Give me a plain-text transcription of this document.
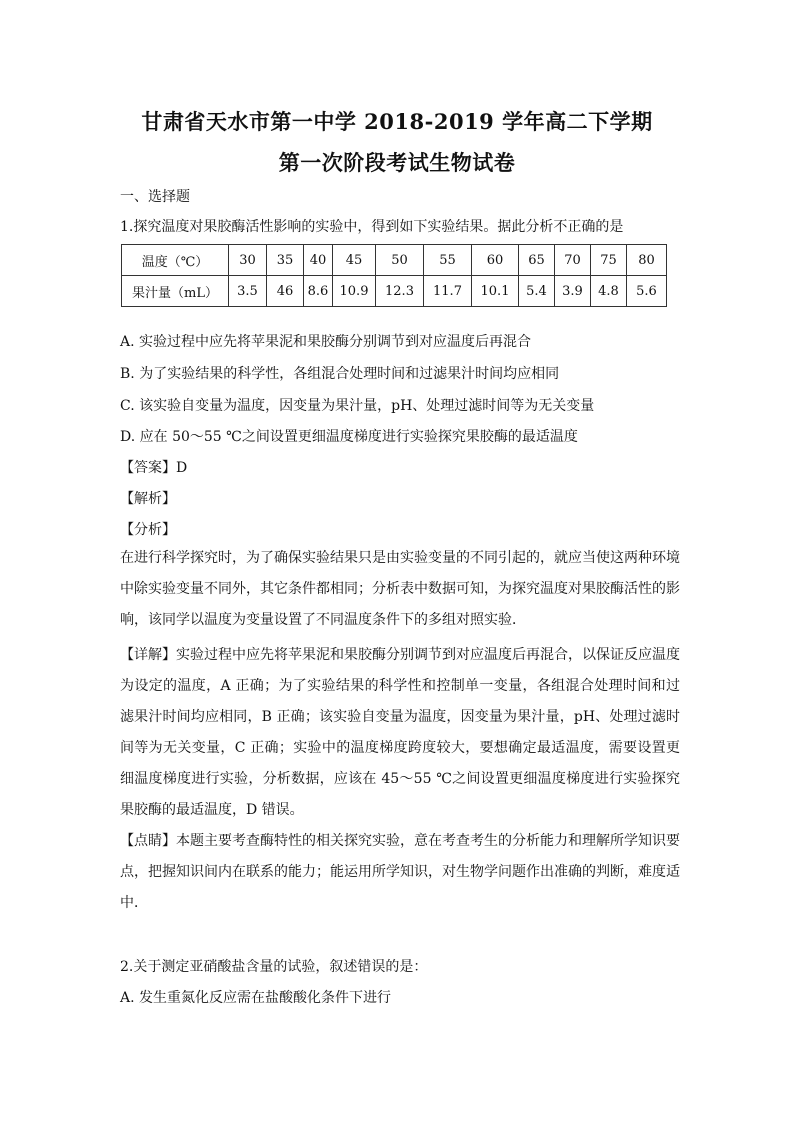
甘肃省天水市第一中学 2018-2019 学年高二下学期
第一次阶段考试生物试卷
一、选择题
1.探究温度对果胶酶活性影响的实验中，得到如下实验结果。据此分析不正确的是
温度（℃）	30	35	40	45	50	55	60	65	70	75	80
果汁量（mL）	3.5	46	8.6	10.9	12.3	11.7	10.1	5.4	3.9	4.8	5.6
A. 实验过程中应先将苹果泥和果胶酶分别调节到对应温度后再混合
B. 为了实验结果的科学性，各组混合处理时间和过滤果汁时间均应相同
C. 该实验自变量为温度，因变量为果汁量，pH、处理过滤时间等为无关变量
D. 应在 50～55 ℃之间设置更细温度梯度进行实验探究果胶酶的最适温度
【答案】D
【解析】
【分析】
在进行科学探究时，为了确保实验结果只是由实验变量的不同引起的，就应当使这两种环境中除实验变量不同外，其它条件都相同；分析表中数据可知，为探究温度对果胶酶活性的影响，该同学以温度为变量设置了不同温度条件下的多组对照实验．
【详解】实验过程中应先将苹果泥和果胶酶分别调节到对应温度后再混合，以保证反应温度为设定的温度，A 正确；为了实验结果的科学性和控制单一变量，各组混合处理时间和过滤果汁时间均应相同，B 正确；该实验自变量为温度，因变量为果汁量，pH、处理过滤时间等为无关变量，C 正确；实验中的温度梯度跨度较大，要想确定最适温度，需要设置更细温度梯度进行实验，分析数据，应该在 45～55 ℃之间设置更细温度梯度进行实验探究果胶酶的最适温度，D 错误。
【点睛】本题主要考查酶特性的相关探究实验，意在考查考生的分析能力和理解所学知识要点，把握知识间内在联系的能力；能运用所学知识，对生物学问题作出准确的判断，难度适中．
2.关于测定亚硝酸盐含量的试验，叙述错误的是：
A. 发生重氮化反应需在盐酸酸化条件下进行
